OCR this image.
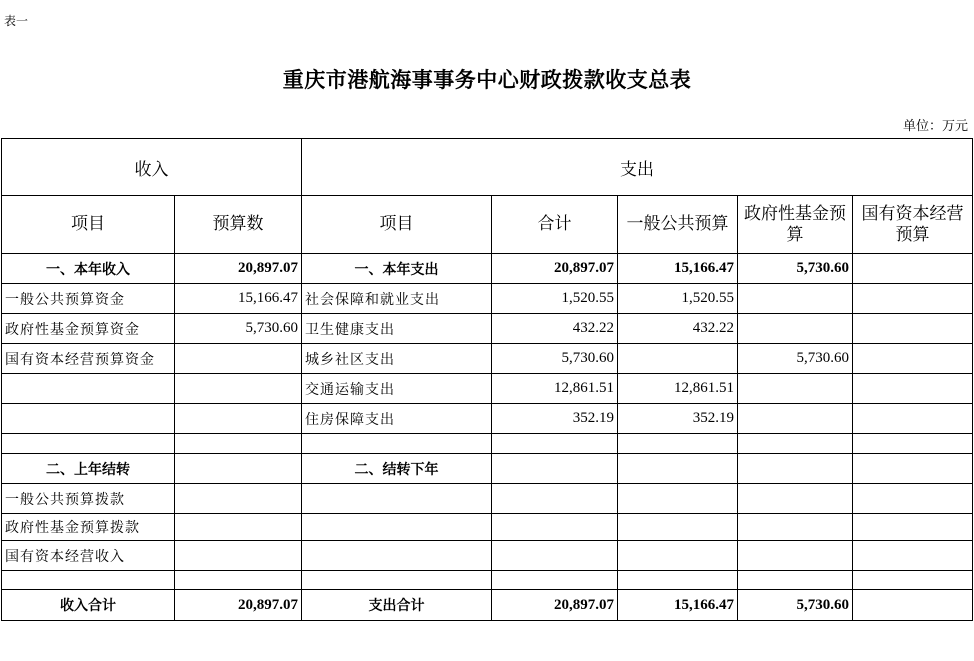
表一
重庆市港航海事事务中心财政拨款收支总表
单位：万元
收入		支出				
项目	预算数	项目	合计	一般公共预算	政府性基金预算	国有资本经营预算
一、本年收入	20,897.07	一、本年支出	20,897.07	15,166.47	5,730.60	
一般公共预算资金	15,166.47	社会保障和就业支出	1,520.55	1,520.55		
政府性基金预算资金	5,730.60	卫生健康支出	432.22	432.22		
国有资本经营预算资金		城乡社区支出	5,730.60		5,730.60	
		交通运输支出	12,861.51	12,861.51		
		住房保障支出	352.19	352.19		

二、上年结转		二、结转下年				
一般公共预算拨款						
政府性基金预算拨款						
国有资本经营收入						

收入合计	20,897.07	支出合计	20,897.07	15,166.47	5,730.60	
